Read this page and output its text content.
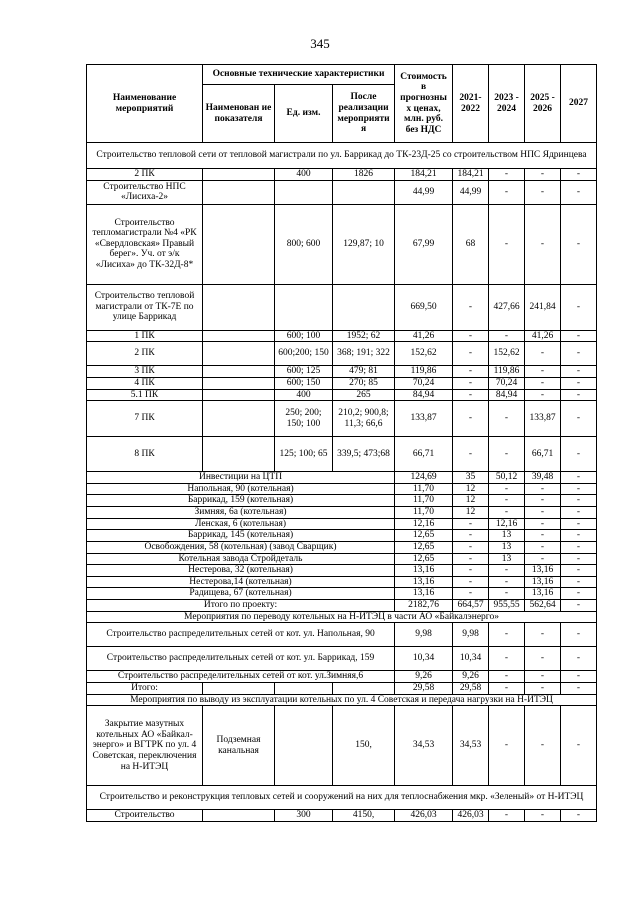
345
Наименование мероприятий	Основные технические характеристики			Стоимость в прогнозны х ценах, млн. руб. без НДС	2021-2022	2023 - 2024	2025 - 2026	2027
	Наименован ие показателя	Ед. изм.	После реализации мероприяти я					
Строительство тепловой сети от тепловой магистрали по ул. Баррикад до ТК-23Д-25 со строительством НПС Ядринцева								
2 ПК		400	1826	184,21	184,21	-	-	-
Строительство НПС «Лисиха-2»				44,99	44,99	-	-	-
Строительство тепломагистрали №4 «РК «Свердловская» Правый берег». Уч. от э/к «Лисиха» до ТК-32Д-8*		800; 600	129,87; 10	67,99	68	-	-	-
Строительство тепловой магистрали от ТК-7Е по улице Баррикад				669,50	-	427,66	241,84	-
1 ПК		600; 100	1952; 62	41,26	-	-	41,26	-
2 ПК		600;200; 150	368; 191; 322	152,62	-	152,62	-	-
3 ПК		600; 125	479; 81	119,86	-	119,86	-	-
4 ПК		600; 150	270; 85	70,24	-	70,24	-	-
5.1 ПК		400	265	84,94	-	84,94	-	-
7 ПК		250; 200; 150; 100	210,2; 900,8; 11,3; 66,6	133,87	-	-	133,87	-
8 ПК		125; 100; 65	339,5; 473;68	66,71	-	-	66,71	-
Инвестиции на ЦТП				124,69	35	50,12	39,48	-
Напольная, 90 (котельная)				11,70	12	-	-	-
Баррикад, 159 (котельная)				11,70	12	-	-	-
Зимняя, 6а (котельная)				11,70	12	-	-	-
Ленская, 6 (котельная)				12,16	-	12,16	-	-
Баррикад, 145 (котельная)				12,65	-	13	-	-
Освобождения, 58 (котельная) (завод Сварщик)				12,65	-	13	-	-
Котельная завода Стройдеталь				12,65	-	13	-	-
Нестерова, 32 (котельная)				13,16	-	-	13,16	-
Нестерова,14 (котельная)				13,16	-	-	13,16	-
Радищева, 67 (котельная)				13,16	-	-	13,16	-
Итого по проекту:				2182,76	664,57	955,55	562,64	-
Мероприятия по переводу котельных на Н-ИТЭЦ в части АО «Байкалэнерго»								
Строительство распределительных сетей от кот. ул. Напольная, 90				9,98	9,98	-	-	-
Строительство распределительных сетей от кот. ул. Баррикад, 159				10,34	10,34	-	-	-
Строительство распределительных сетей от кот. ул.Зимняя,6				9,26	9,26	-	-	-
Итого:				29,58	29,58	-	-	-
Мероприятия по выводу из эксплуатации котельных по ул. 4 Советская и передача нагрузки на Н-ИТЭЦ								
Закрытие мазутных котельных АО «Байкал-энерго» и ВГТРК по ул. 4 Советская, переключения на Н-ИТЭЦ	Подземная канальная		150,	34,53	34,53	-	-	-
Строительство и реконструкция тепловых сетей и сооружений на них для теплоснабжения мкр. «Зеленый» от Н-ИТЭЦ								
Строительство		300	4150,	426,03	426,03	-	-	-
